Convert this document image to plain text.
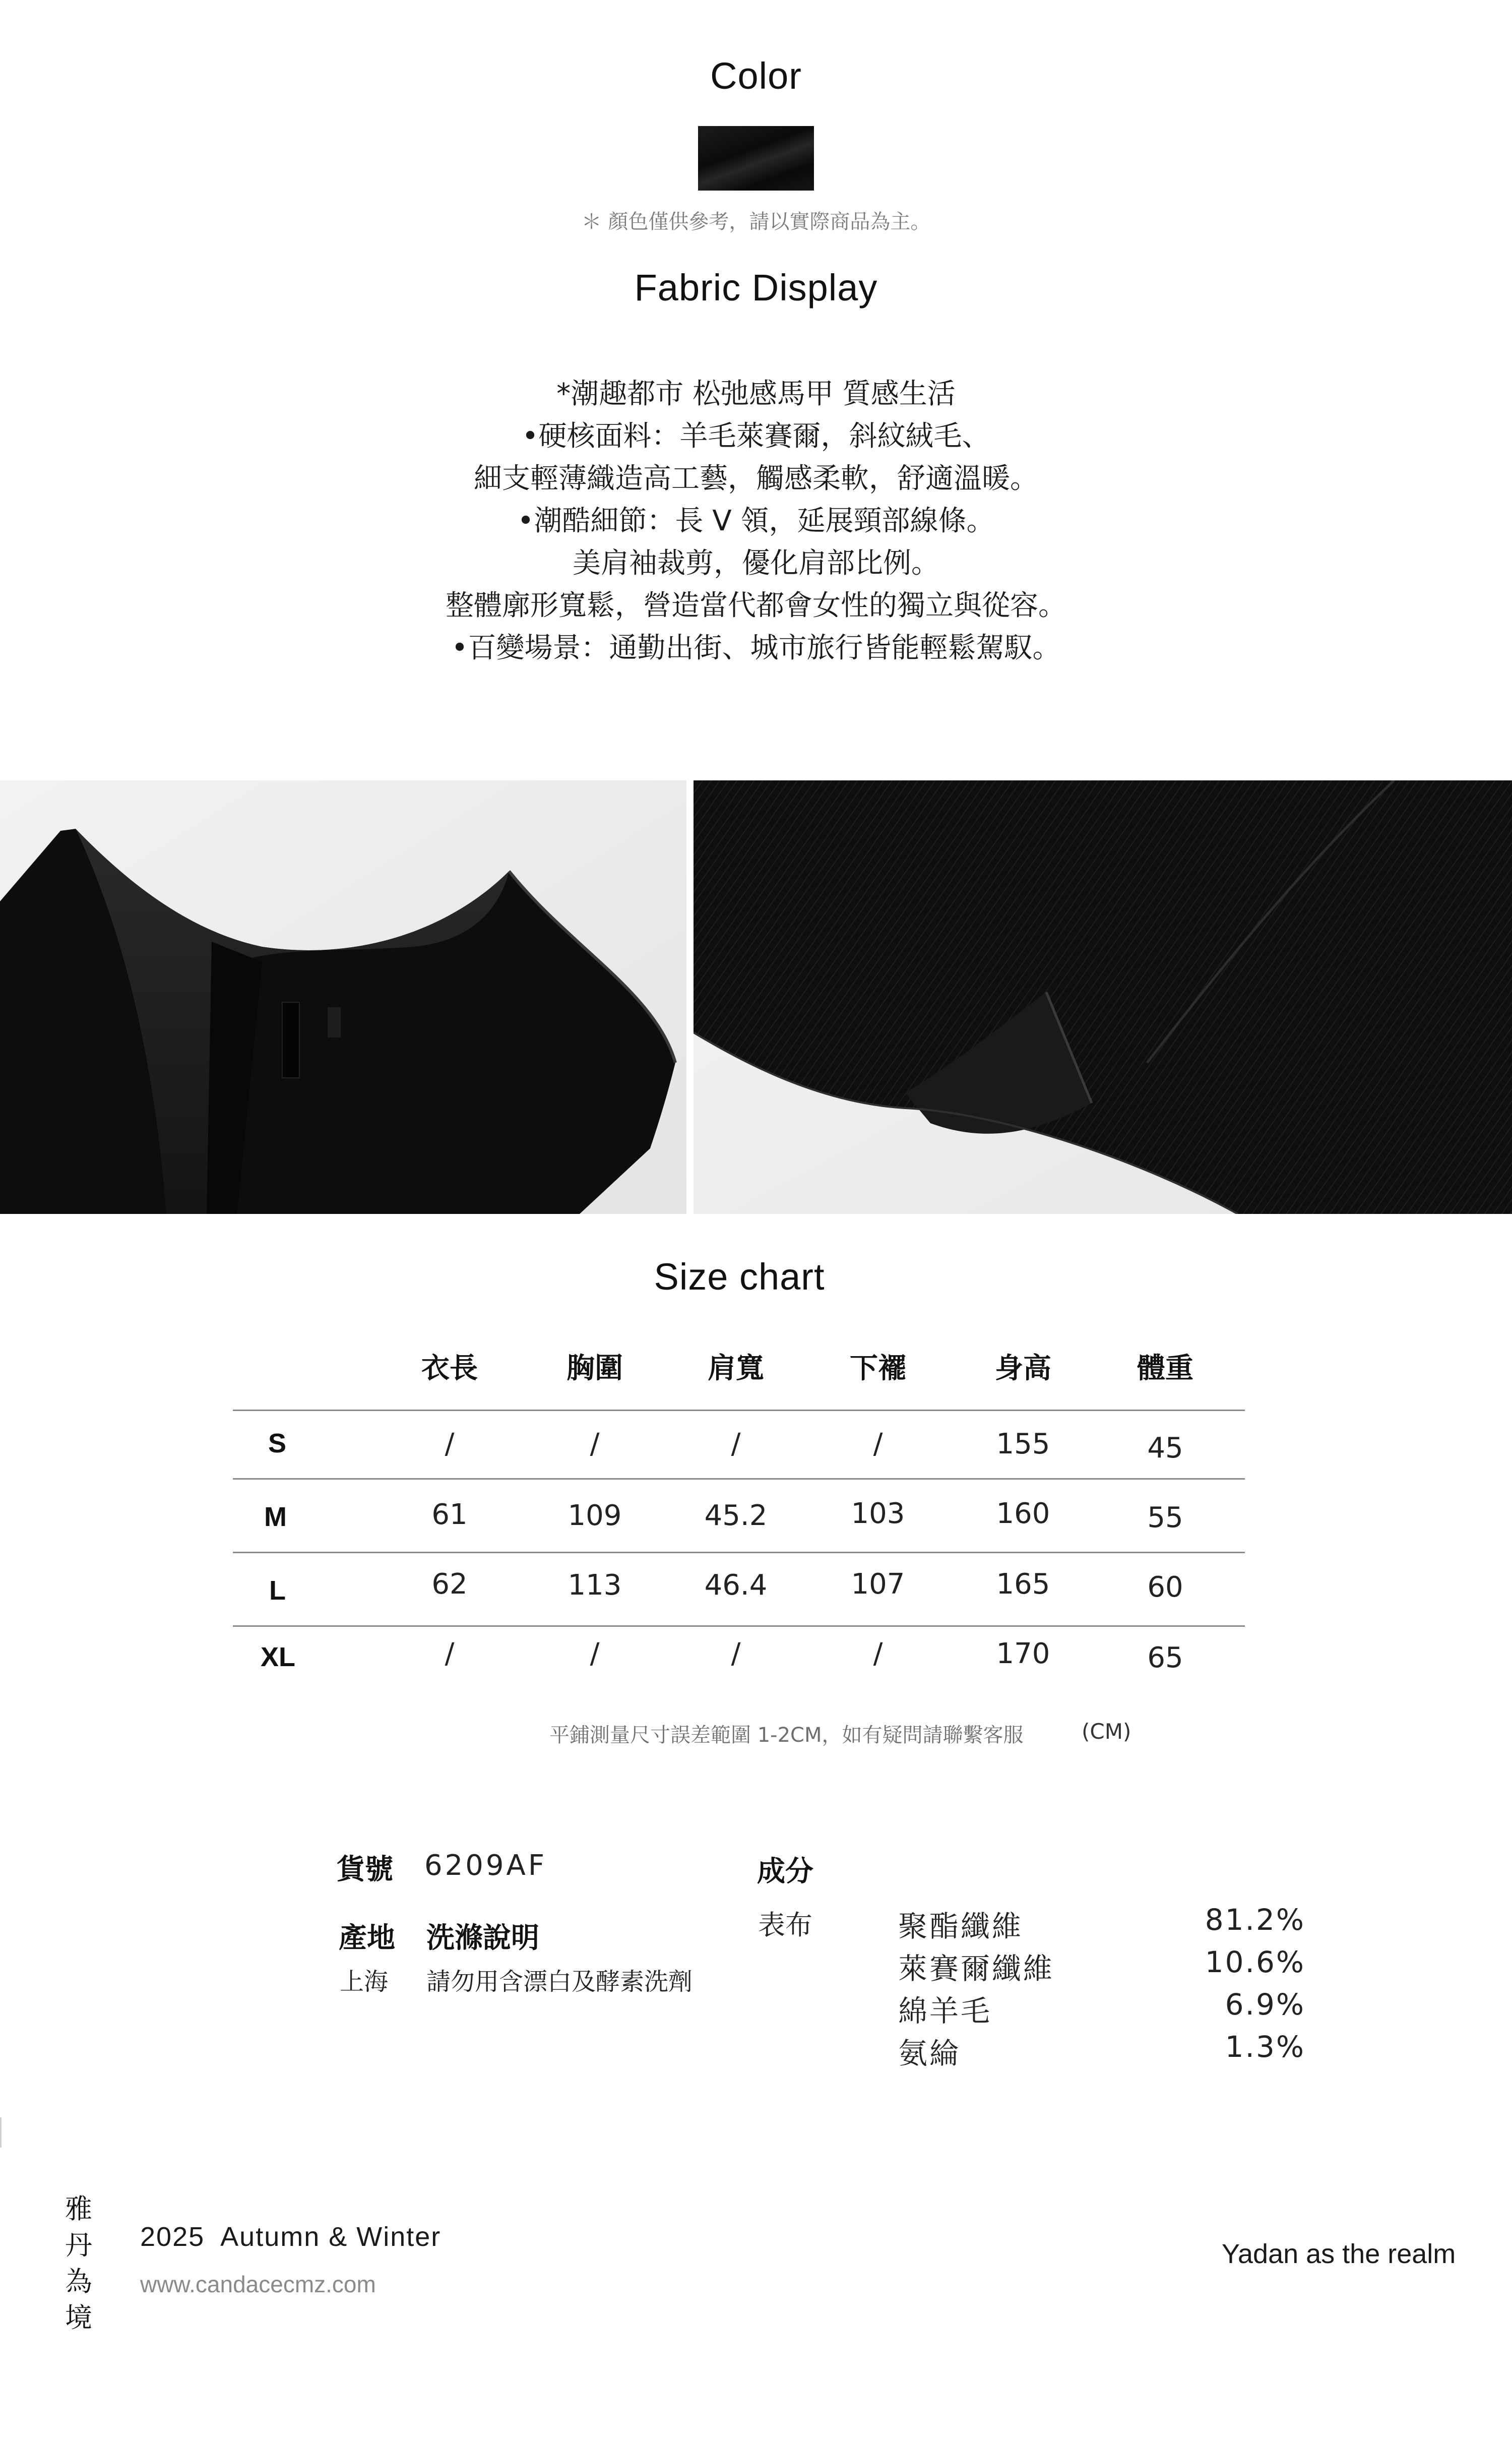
Color
＊ 顏色僅供參考，請以實際商品為主。
Fabric Display
*潮趣都市 松弛感馬甲 質感生活
•硬核面料：羊毛萊賽爾，斜紋絨毛、
細支輕薄織造高工藝，觸感柔軟，舒適溫暖。
•潮酷細節：長 V 領，延展頸部線條。
美肩袖裁剪，優化肩部比例。
整體廓形寬鬆，營造當代都會女性的獨立與從容。
•百變場景：通勤出街、城市旅行皆能輕鬆駕馭。
Size chart
衣長	胸圍	肩寬	下襬	身高	體重
S	/	/	/	/	155	45
M	61	109	45.2	103	160	55
L	62	113	46.4	107	165	60
XL	/	/	/	/	170	65
平鋪測量尺寸誤差範圍 1-2CM，如有疑問請聯繫客服	(CM)
貨號 6209AF
產地 洗滌說明
上海 請勿用含漂白及酵素洗劑
成分
表布	聚酯纖維	81.2%
萊賽爾纖維	10.6%
綿羊毛	6.9%
氨綸	1.3%
雅
丹
為
境
2025  Autumn & Winter
www.candacecmz.com
Yadan as the realm
